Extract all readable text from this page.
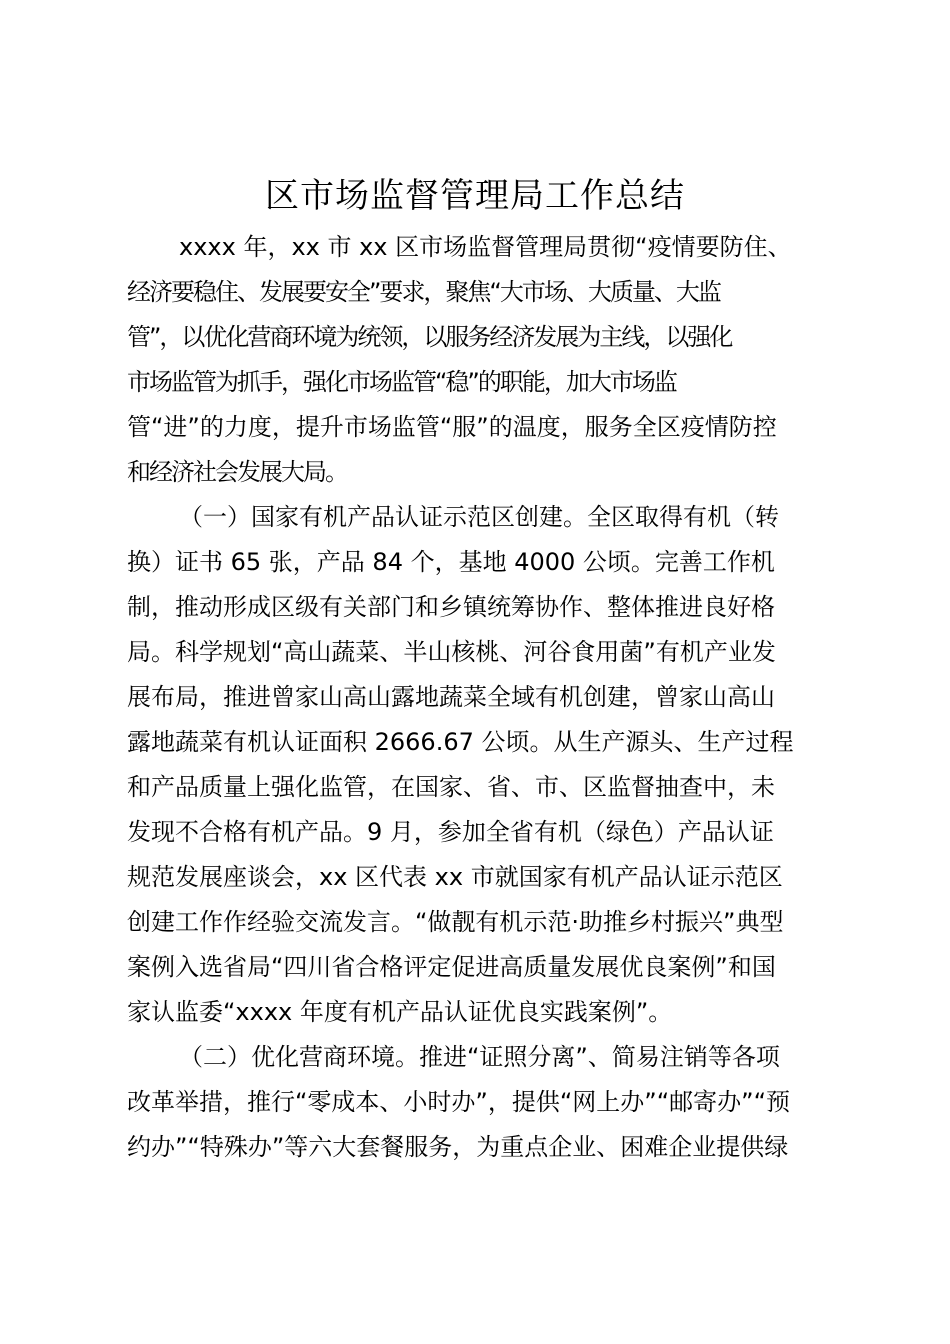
区市场监督管理局工作总结

xxxx 年，xx 市 xx 区市场监督管理局贯彻“疫情要防住、

经济要稳住、发展要安全”要求，聚焦“大市场、大质量、大监

管”，以优化营商环境为统领，以服务经济发展为主线，以强化

市场监管为抓手，强化市场监管“稳”的职能，加大市场监

管“进”的力度，提升市场监管“服”的温度，服务全区疫情防控

和经济社会发展大局。

（一）国家有机产品认证示范区创建。全区取得有机（转

换）证书 65 张，产品 84 个，基地 4000 公顷。完善工作机

制，推动形成区级有关部门和乡镇统筹协作、整体推进良好格

局。科学规划“高山蔬菜、半山核桃、河谷食用菌”有机产业发

展布局，推进曾家山高山露地蔬菜全域有机创建，曾家山高山

露地蔬菜有机认证面积 2666.67 公顷。从生产源头、生产过程

和产品质量上强化监管，在国家、省、市、区监督抽查中，未

发现不合格有机产品。9 月，参加全省有机（绿色）产品认证

规范发展座谈会，xx 区代表 xx 市就国家有机产品认证示范区

创建工作作经验交流发言。“做靓有机示范·助推乡村振兴”典型

案例入选省局“四川省合格评定促进高质量发展优良案例”和国

家认监委“xxxx 年度有机产品认证优良实践案例”。

（二）优化营商环境。推进“证照分离”、简易注销等各项

改革举措，推行“零成本、小时办”，提供“网上办”“邮寄办”“预

约办”“特殊办”等六大套餐服务，为重点企业、困难企业提供绿
